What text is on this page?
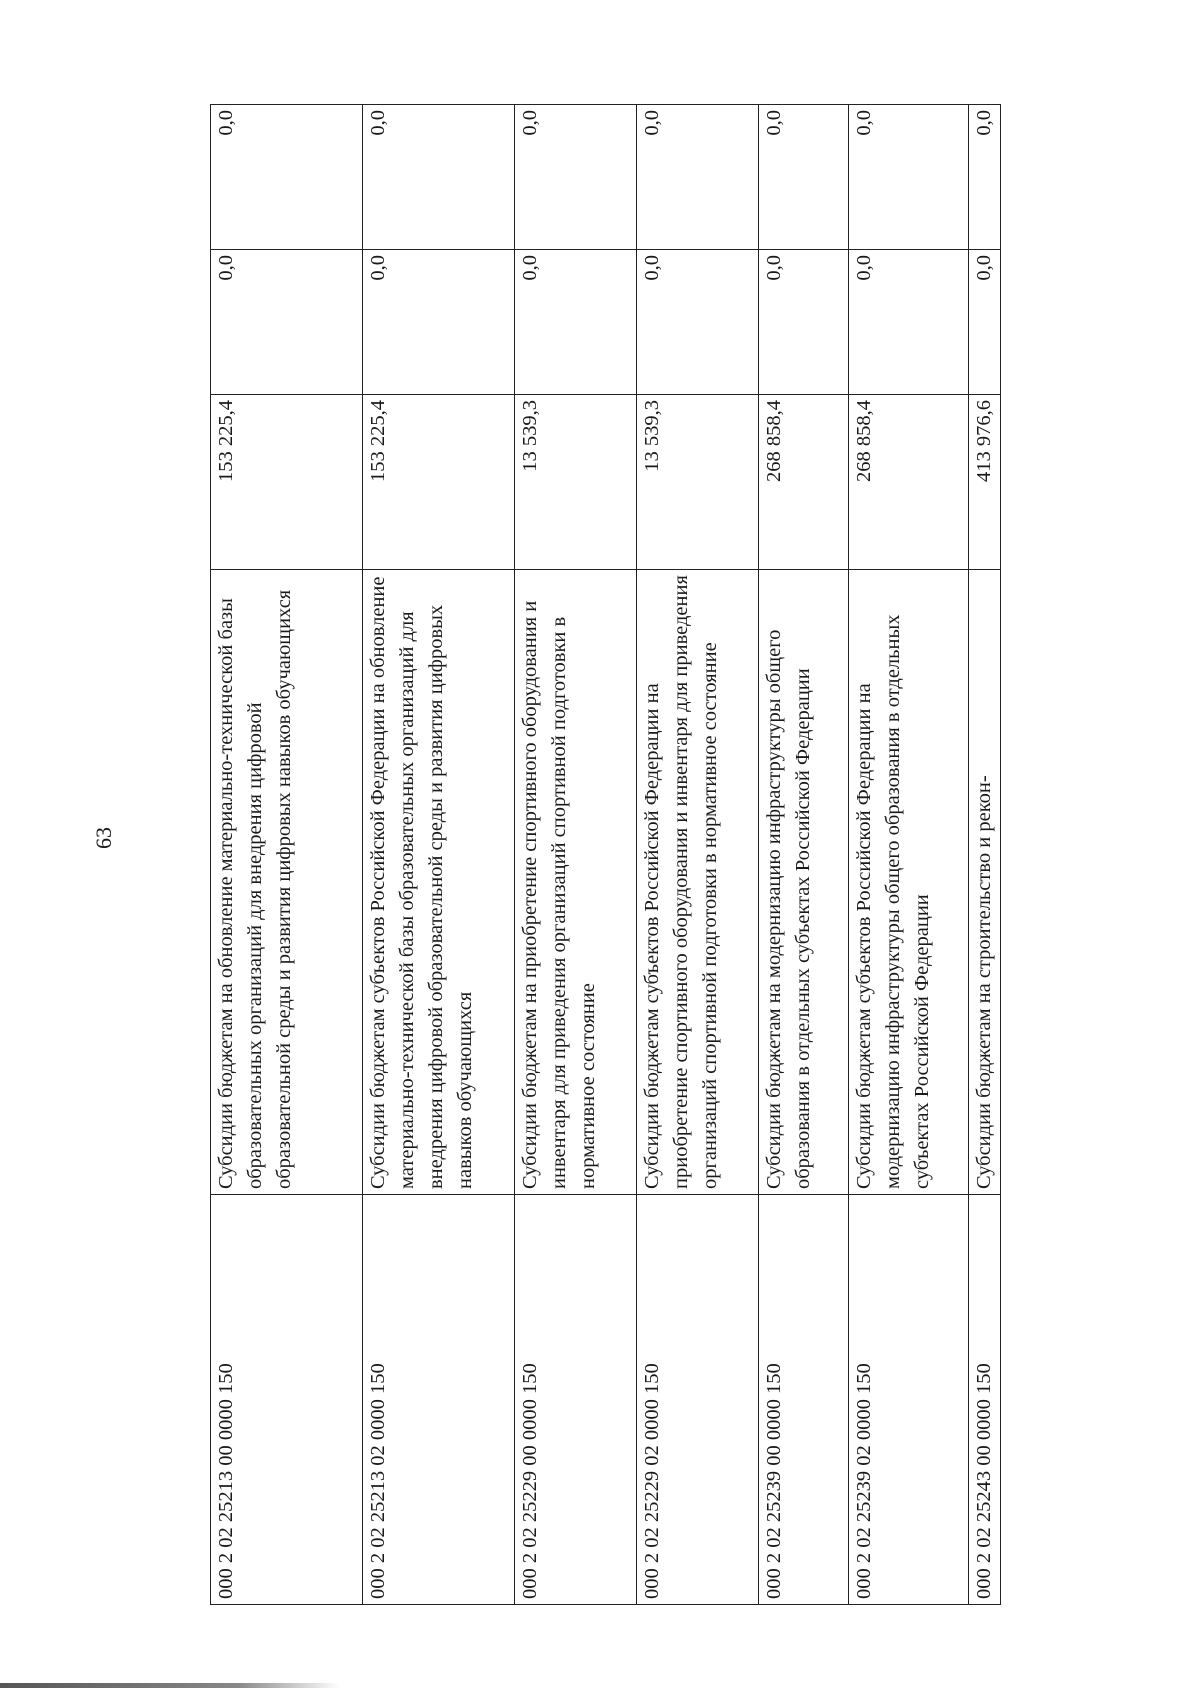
63
000 2 02 25213 00 0000 150	Субсидии бюджетам на обновление материально-технической базы образовательных организаций для внедрения цифровой образовательной среды и развития цифровых навыков обучающихся	153 225,4	0,0	0,0
000 2 02 25213 02 0000 150	Субсидии бюджетам субъектов Российской Федерации на обновление материально-технической базы образовательных организаций для внедрения цифровой образовательной среды и развития цифровых навыков обучающихся	153 225,4	0,0	0,0
000 2 02 25229 00 0000 150	Субсидии бюджетам на приобретение спортивного оборудования и инвентаря для приведения организаций спортивной подготовки в нормативное состояние	13 539,3	0,0	0,0
000 2 02 25229 02 0000 150	Субсидии бюджетам субъектов Российской Федерации на приобретение спортивного оборудования и инвентаря для приведения организаций спортивной подготовки в нормативное состояние	13 539,3	0,0	0,0
000 2 02 25239 00 0000 150	Субсидии бюджетам на модернизацию инфраструктуры общего образования в отдельных субъектах Российской Федерации	268 858,4	0,0	0,0
000 2 02 25239 02 0000 150	Субсидии бюджетам субъектов Российской Федерации на модернизацию инфраструктуры общего образования в отдельных субъектах Российской Федерации	268 858,4	0,0	0,0
000 2 02 25243 00 0000 150	Субсидии бюджетам на строительство и рекон-	413 976,6	0,0	0,0
